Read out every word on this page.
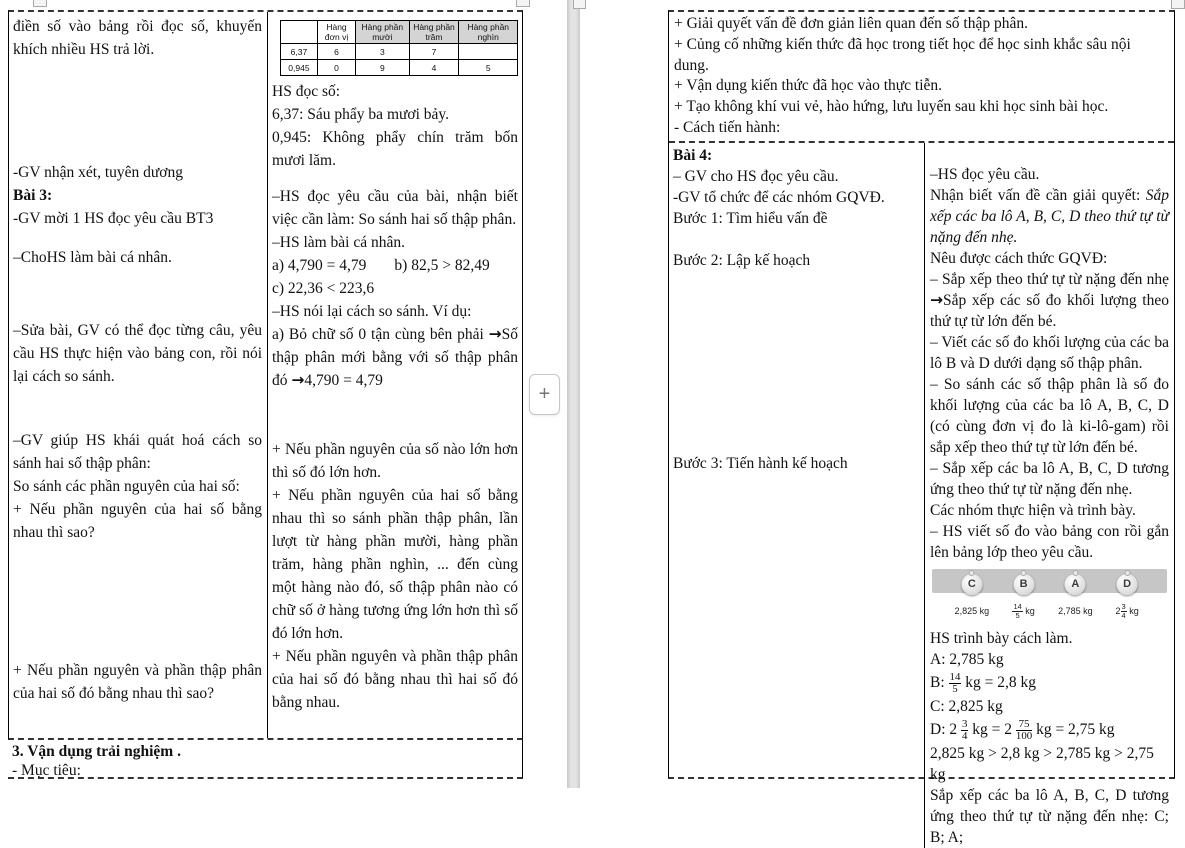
điền số vào bảng rồi đọc số, khuyến khích nhiều HS trả lời.

-GV nhận xét, tuyên dương

Bài 3:

-GV mời 1 HS đọc yêu cầu BT3

–ChoHS làm bài cá nhân.

–Sửa bài, GV có thể đọc từng câu, yêu cầu HS thực hiện vào bảng con, rồi nói lại cách so sánh.

–GV giúp HS khái quát hoá cách so sánh hai số thập phân:

So sánh các phần nguyên của hai số:

+ Nếu phần nguyên của hai số bằng nhau thì sao?

+ Nếu phần nguyên và phần thập phân của hai số đó bằng nhau thì sao?

	Hàng đơn vị	Hàng phần mười	Hàng phần trăm	Hàng phần nghìn
6,37	6	3	7	
0,945	0	9	4	5

HS đọc số:

6,37: Sáu phẩy ba mươi bảy.

0,945: Không phẩy chín trăm bốn mươi lăm.

–HS đọc yêu cầu của bài, nhận biết việc cần làm: So sánh hai số thập phân.

–HS làm bài cá nhân.

a) 4,790 = 4,79 b) 82,5 > 82,49

c) 22,36 < 223,6

–HS nói lại cách so sánh. Ví dụ:

a) Bỏ chữ số 0 tận cùng bên phải →Số thập phân mới bằng với số thập phân đó →4,790 = 4,79

+ Nếu phần nguyên của số nào lớn hơn thì số đó lớn hơn.

+ Nếu phần nguyên của hai số bằng nhau thì so sánh phần thập phân, lần lượt từ hàng phần mười, hàng phần trăm, hàng phần nghìn, ... đến cùng một hàng nào đó, số thập phân nào có chữ số ở hàng tương ứng lớn hơn thì số đó lớn hơn.

+ Nếu phần nguyên và phần thập phân của hai số đó bằng nhau thì hai số đó bằng nhau.

3. Vận dụng trải nghiệm .

- Mục tiêu:

+

+ Giải quyết vấn đề đơn giản liên quan đến số thập phân.

+ Củng cố những kiến thức đã học trong tiết học để học sinh khắc sâu nội dung.

+ Vận dụng kiến thức đã học vào thực tiễn.

+ Tạo không khí vui vẻ, hào hứng, lưu luyến sau khi học sinh bài học.

- Cách tiến hành:

Bài 4:

– GV cho HS đọc yêu cầu.

-GV tổ chức để các nhóm GQVĐ.

Bước 1: Tìm hiểu vấn đề

Bước 2: Lập kế hoạch

Bước 3: Tiến hành kế hoạch

–HS đọc yêu cầu.

Nhận biết vấn đề cần giải quyết: Sắp xếp các ba lô A, B, C, D theo thứ tự từ nặng đến nhẹ.

Nêu được cách thức GQVĐ:

– Sắp xếp theo thứ tự từ nặng đến nhẹ →Sắp xếp các số đo khối lượng theo thứ tự từ lớn đến bé.

– Viết các số đo khối lượng của các ba lô B và D dưới dạng số thập phân.

– So sánh các số thập phân là số đo khối lượng của các ba lô A, B, C, D (có cùng đơn vị đo là ki-lô-gam) rồi sắp xếp theo thứ tự từ lớn đến bé.

– Sắp xếp các ba lô A, B, C, D tương ứng theo thứ tự từ nặng đến nhẹ.

Các nhóm thực hiện và trình bày.

– HS viết số đo vào bảng con rồi gắn lên bảng lớp theo yêu cầu.

C	B	A	D
2,825 kg	$\frac{14}{5}$ kg	2,785 kg	$2 \frac{3}{4}$ kg

HS trình bày cách làm.

A: 2,785 kg

B: $\frac{14}{5}$ kg = 2,8 kg

C: 2,825 kg

D: $2 \frac{3}{4}$ kg = $2 \frac{75}{100}$ kg = 2,75 kg

2,825 kg > 2,8 kg > 2,785 kg > 2,75 kg

Sắp xếp các ba lô A, B, C, D tương ứng theo thứ tự từ nặng đến nhẹ: C; B; A;
